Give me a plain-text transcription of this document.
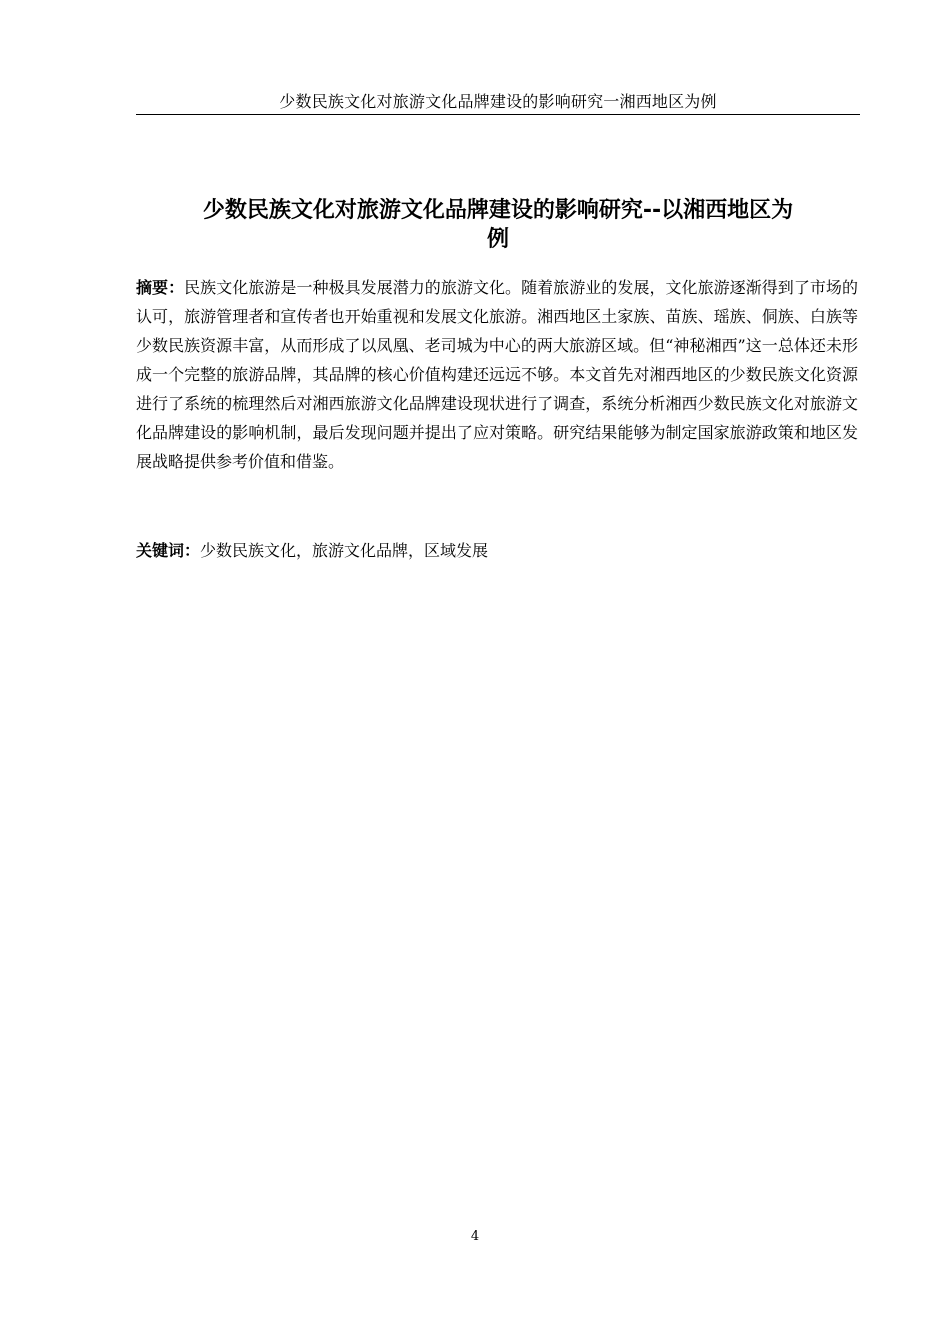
少数民族文化对旅游文化品牌建设的影响研究一湘西地区为例
少数民族文化对旅游文化品牌建设的影响研究--以湘西地区为
例

摘要：民族文化旅游是一种极具发展潜力的旅游文化。随着旅游业的发展，文化旅游逐渐得到了市场的认可，旅游管理者和宣传者也开始重视和发展文化旅游。湘西地区土家族、苗族、瑶族、侗族、白族等少数民族资源丰富，从而形成了以凤凰、老司城为中心的两大旅游区域。但“神秘湘西”这一总体还未形成一个完整的旅游品牌，其品牌的核心价值构建还远远不够。本文首先对湘西地区的少数民族文化资源进行了系统的梳理然后对湘西旅游文化品牌建设现状进行了调查，系统分析湘西少数民族文化对旅游文化品牌建设的影响机制，最后发现问题并提出了应对策略。研究结果能够为制定国家旅游政策和地区发展战略提供参考价值和借鉴。

关键词：少数民族文化，旅游文化品牌，区域发展

4
